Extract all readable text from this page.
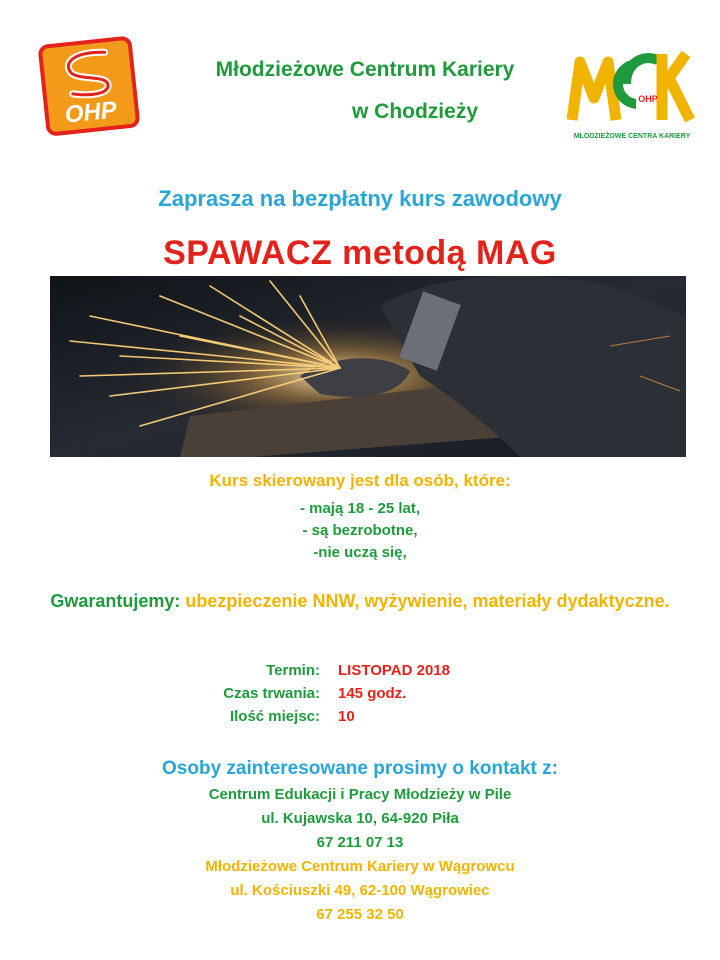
OHP
Młodzieżowe Centrum Kariery
w Chodzieży
OHP
MŁODZIEŻOWE CENTRA KARIERY
Zaprasza na bezpłatny kurs zawodowy
SPAWACZ metodą MAG
Kurs skierowany jest dla osób, które:
- mają 18 - 25 lat,
- są bezrobotne,
-nie uczą się,
Gwarantujemy: ubezpieczenie NNW, wyżywienie, materiały dydaktyczne.
Termin: LISTOPAD 2018
Czas trwania: 145 godz.
Ilość miejsc: 10
Osoby zainteresowane prosimy o kontakt z:
Centrum Edukacji i Pracy Młodzieży w Pile
ul. Kujawska 10, 64-920 Piła
67 211 07 13
Młodzieżowe Centrum Kariery w Wągrowcu
ul. Kościuszki 49, 62-100 Wągrowiec
67 255 32 50
